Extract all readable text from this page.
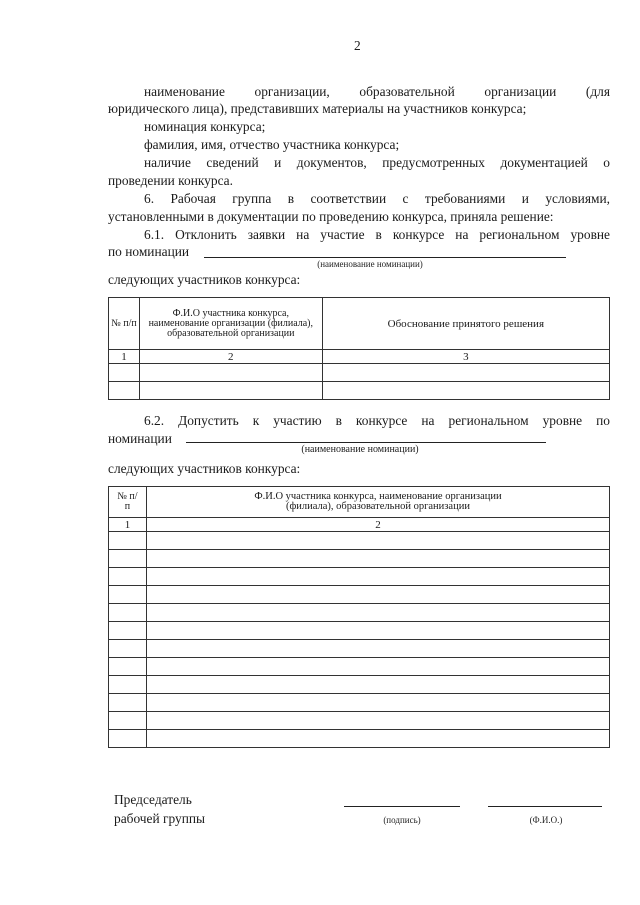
2
наименование организации, образовательной организации (для
юридического лица), представивших материалы на участников конкурса;
номинация конкурса;
фамилия, имя, отчество участника конкурса;
наличие сведений и документов, предусмотренных документацией о
проведении конкурса.
6. Рабочая группа в соответствии с требованиями и условиями,
установленными в документации по проведению конкурса, приняла решение:
6.1. Отклонить заявки на участие в конкурсе на региональном уровне
по номинации
(наименование номинации)
следующих участников конкурса:
№ п/п	Ф.И.О участника конкурса, наименование организации (филиала), образовательной организации	Обоснование принятого решения
1	2	3

6.2. Допустить к участию в конкурсе на региональном уровне по
номинации
(наименование номинации)
следующих участников конкурса:
№ п/п	Ф.И.О участника конкурса, наименование организации (филиала), образовательной организации
1	2

Председатель
рабочей группы	(подпись)	(Ф.И.О.)
